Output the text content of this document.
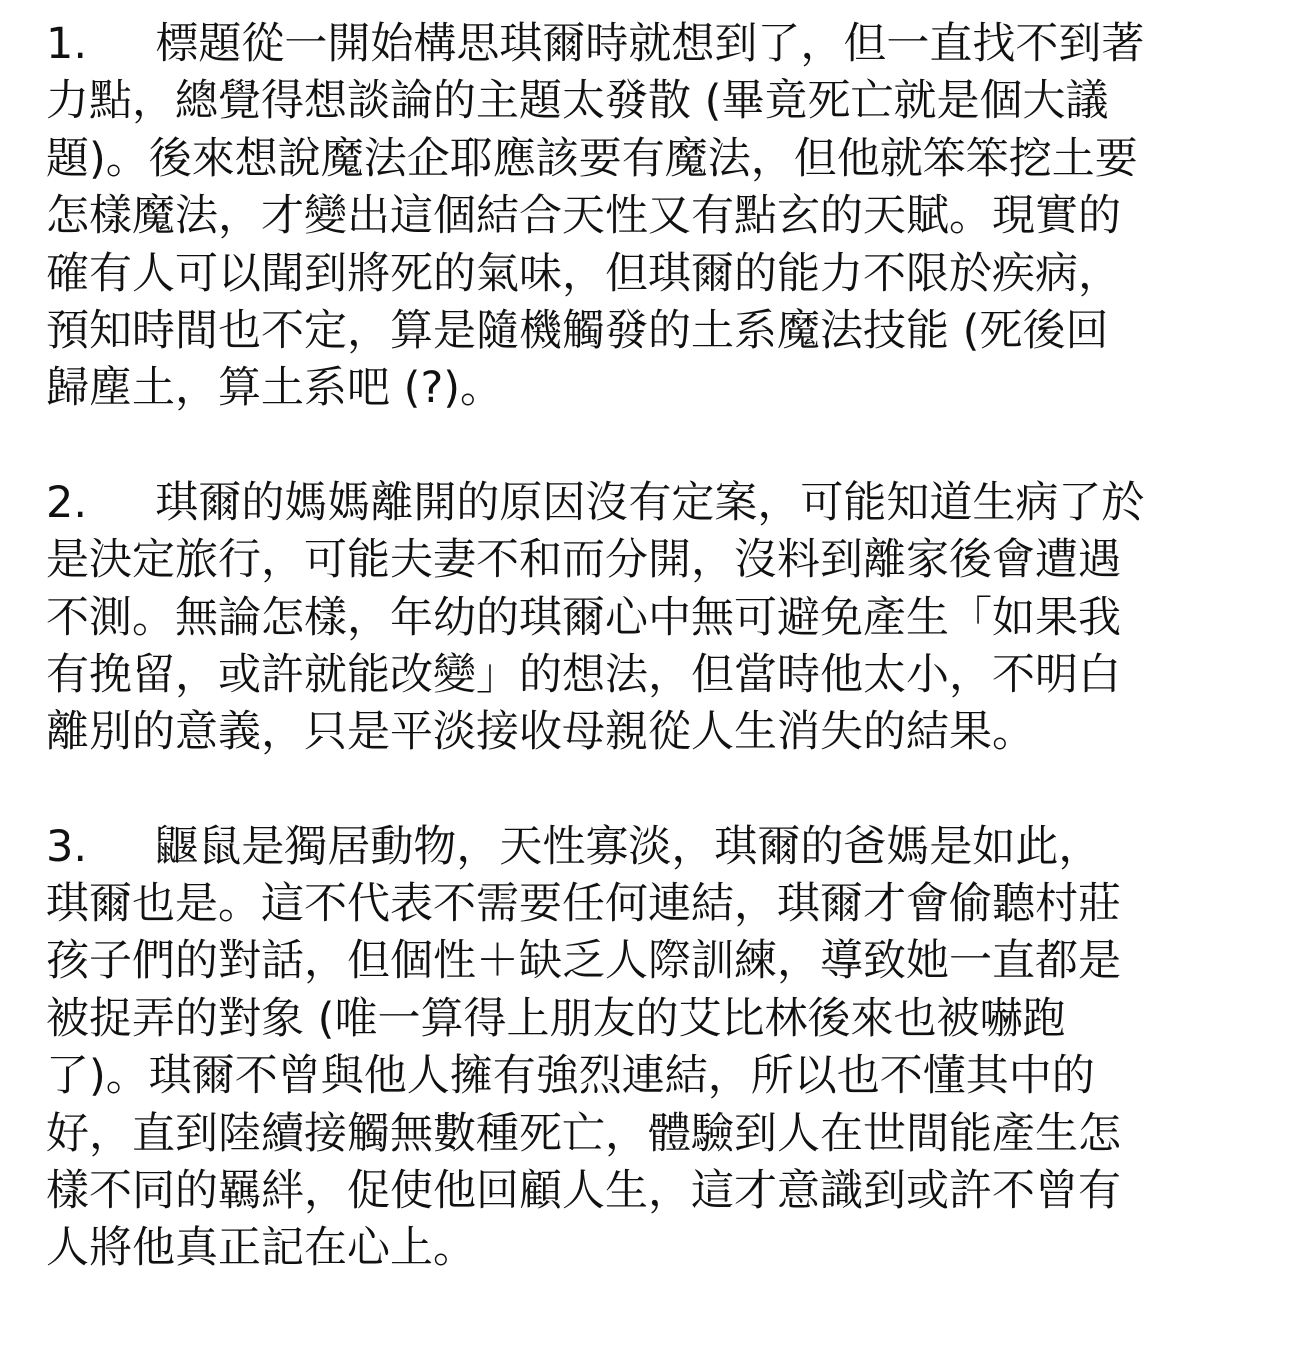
1.     標題從一開始構思琪爾時就想到了，但一直找不到著
力點，總覺得想談論的主題太發散 (畢竟死亡就是個大議
題)。後來想說魔法企耶應該要有魔法，但他就笨笨挖土要
怎樣魔法，才變出這個結合天性又有點玄的天賦。現實的
確有人可以聞到將死的氣味，但琪爾的能力不限於疾病，
預知時間也不定，算是隨機觸發的土系魔法技能 (死後回
歸塵土，算土系吧 (?)。
2.     琪爾的媽媽離開的原因沒有定案，可能知道生病了於
是決定旅行，可能夫妻不和而分開，沒料到離家後會遭遇
不測。無論怎樣，年幼的琪爾心中無可避免產生「如果我
有挽留，或許就能改變」的想法，但當時他太小，不明白
離別的意義，只是平淡接收母親從人生消失的結果。
3.     鼴鼠是獨居動物，天性寡淡，琪爾的爸媽是如此，
琪爾也是。這不代表不需要任何連結，琪爾才會偷聽村莊
孩子們的對話，但個性＋缺乏人際訓練，導致她一直都是
被捉弄的對象 (唯一算得上朋友的艾比林後來也被嚇跑
了)。琪爾不曾與他人擁有強烈連結，所以也不懂其中的
好，直到陸續接觸無數種死亡，體驗到人在世間能產生怎
樣不同的羈絆，促使他回顧人生，這才意識到或許不曾有
人將他真正記在心上。
